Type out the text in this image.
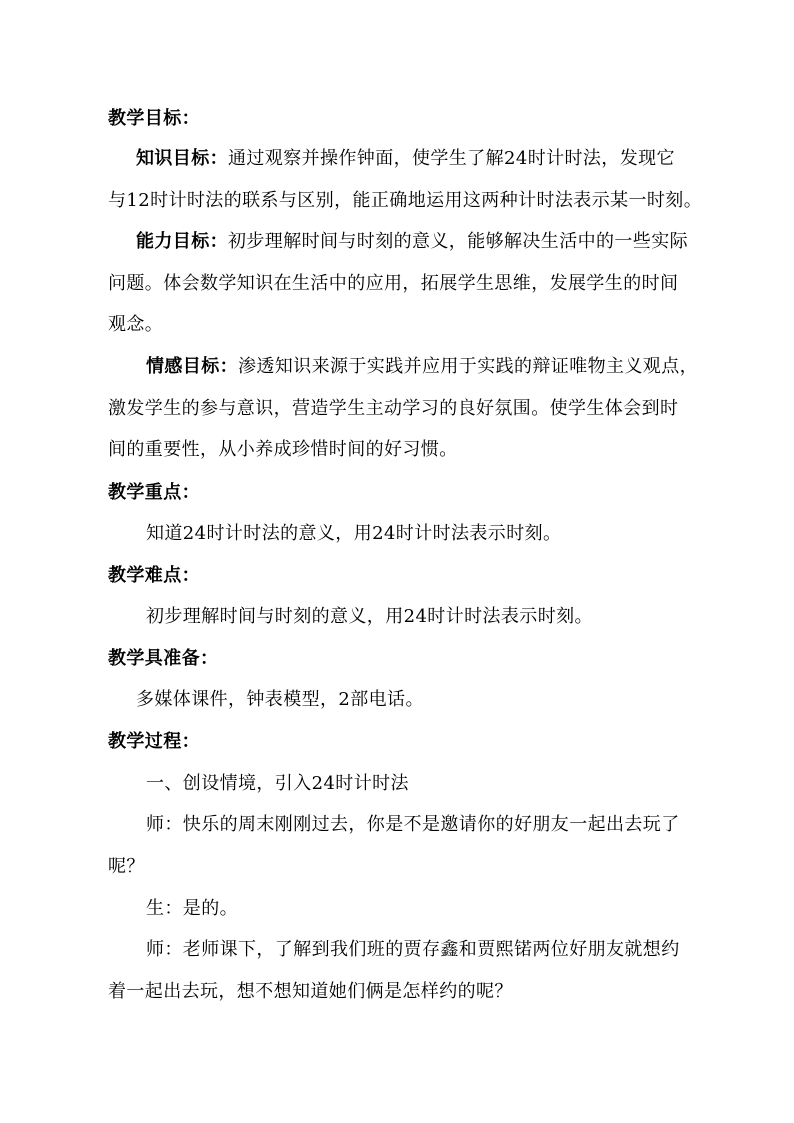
教学目标：
知识目标：通过观察并操作钟面，使学生了解24时计时法，发现它
与12时计时法的联系与区别，能正确地运用这两种计时法表示某一时刻。
能力目标：初步理解时间与时刻的意义，能够解决生活中的一些实际
问题。体会数学知识在生活中的应用，拓展学生思维，发展学生的时间
观念。
情感目标：渗透知识来源于实践并应用于实践的辩证唯物主义观点，
激发学生的参与意识，营造学生主动学习的良好氛围。使学生体会到时
间的重要性，从小养成珍惜时间的好习惯。
教学重点：
知道24时计时法的意义，用24时计时法表示时刻。
教学难点：
初步理解时间与时刻的意义，用24时计时法表示时刻。
教学具准备：
多媒体课件，钟表模型，2部电话。
教学过程：
一、创设情境，引入24时计时法
师：快乐的周末刚刚过去，你是不是邀请你的好朋友一起出去玩了
呢？
生：是的。
师：老师课下，了解到我们班的贾存鑫和贾熙锘两位好朋友就想约
着一起出去玩，想不想知道她们俩是怎样约的呢？
